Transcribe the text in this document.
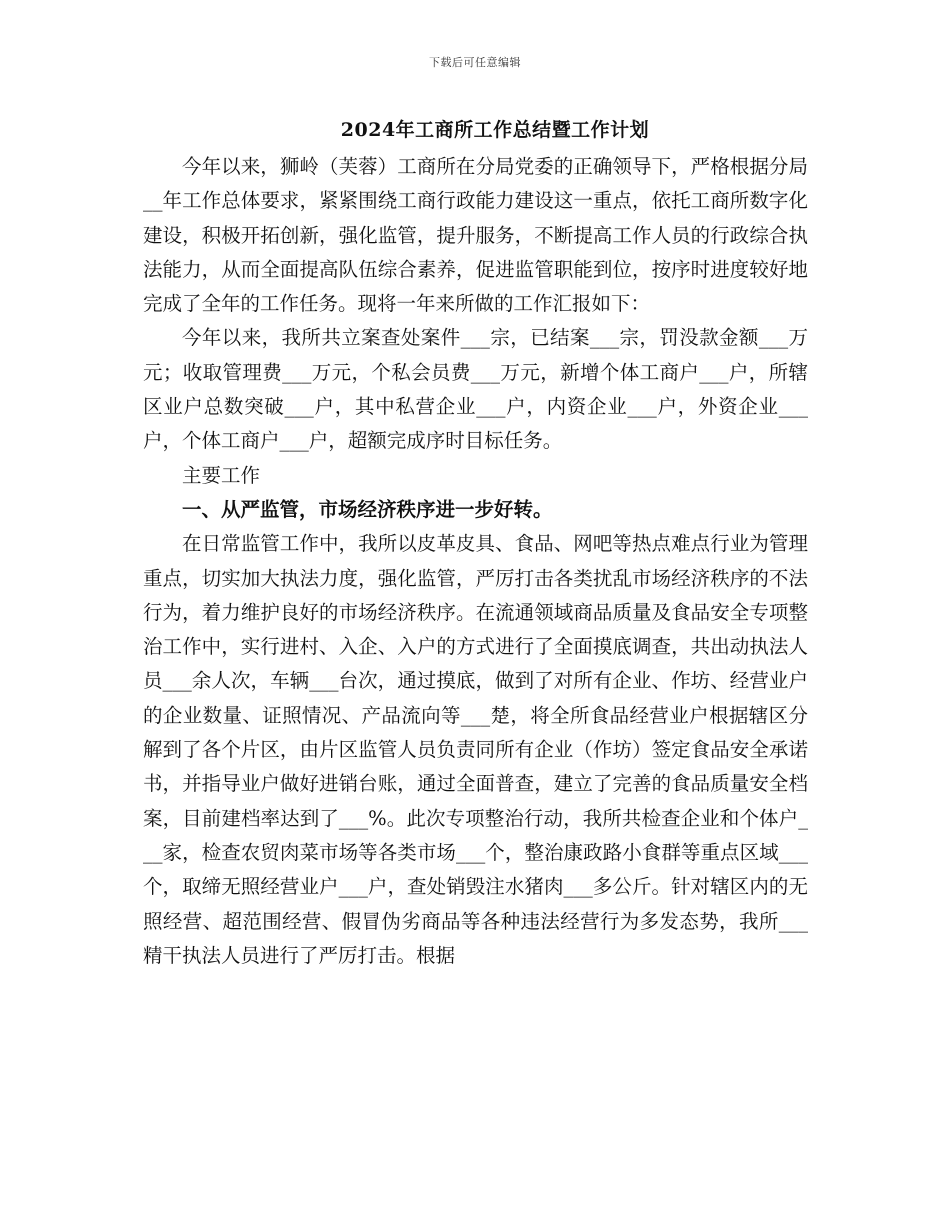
下载后可任意编辑
2024年工商所工作总结暨工作计划

今年以来，狮岭（芙蓉）工商所在分局党委的正确领导下，严格根据分局__年工作总体要求，紧紧围绕工商行政能力建设这一重点，依托工商所数字化建设，积极开拓创新，强化监管，提升服务，不断提高工作人员的行政综合执法能力，从而全面提高队伍综合素养，促进监管职能到位，按序时进度较好地完成了全年的工作任务。现将一年来所做的工作汇报如下：

今年以来，我所共立案查处案件___宗，已结案___宗，罚没款金额___万元；收取管理费___万元，个私会员费___万元，新增个体工商户___户，所辖区业户总数突破___户，其中私营企业___户，内资企业___户，外资企业___户，个体工商户___户，超额完成序时目标任务。

主要工作

一、从严监管，市场经济秩序进一步好转。

在日常监管工作中，我所以皮革皮具、食品、网吧等热点难点行业为管理重点，切实加大执法力度，强化监管，严厉打击各类扰乱市场经济秩序的不法行为，着力维护良好的市场经济秩序。在流通领域商品质量及食品安全专项整治工作中，实行进村、入企、入户的方式进行了全面摸底调查，共出动执法人员___余人次，车辆___台次，通过摸底，做到了对所有企业、作坊、经营业户的企业数量、证照情况、产品流向等___楚，将全所食品经营业户根据辖区分解到了各个片区，由片区监管人员负责同所有企业（作坊）签定食品安全承诺书，并指导业户做好进销台账，通过全面普查，建立了完善的食品质量安全档案，目前建档率达到了___%。此次专项整治行动，我所共检查企业和个体户___家，检查农贸肉菜市场等各类市场___个，整治康政路小食群等重点区域___个，取缔无照经营业户___户，查处销毁注水猪肉___多公斤。针对辖区内的无照经营、超范围经营、假冒伪劣商品等各种违法经营行为多发态势，我所___精干执法人员进行了严厉打击。根据
